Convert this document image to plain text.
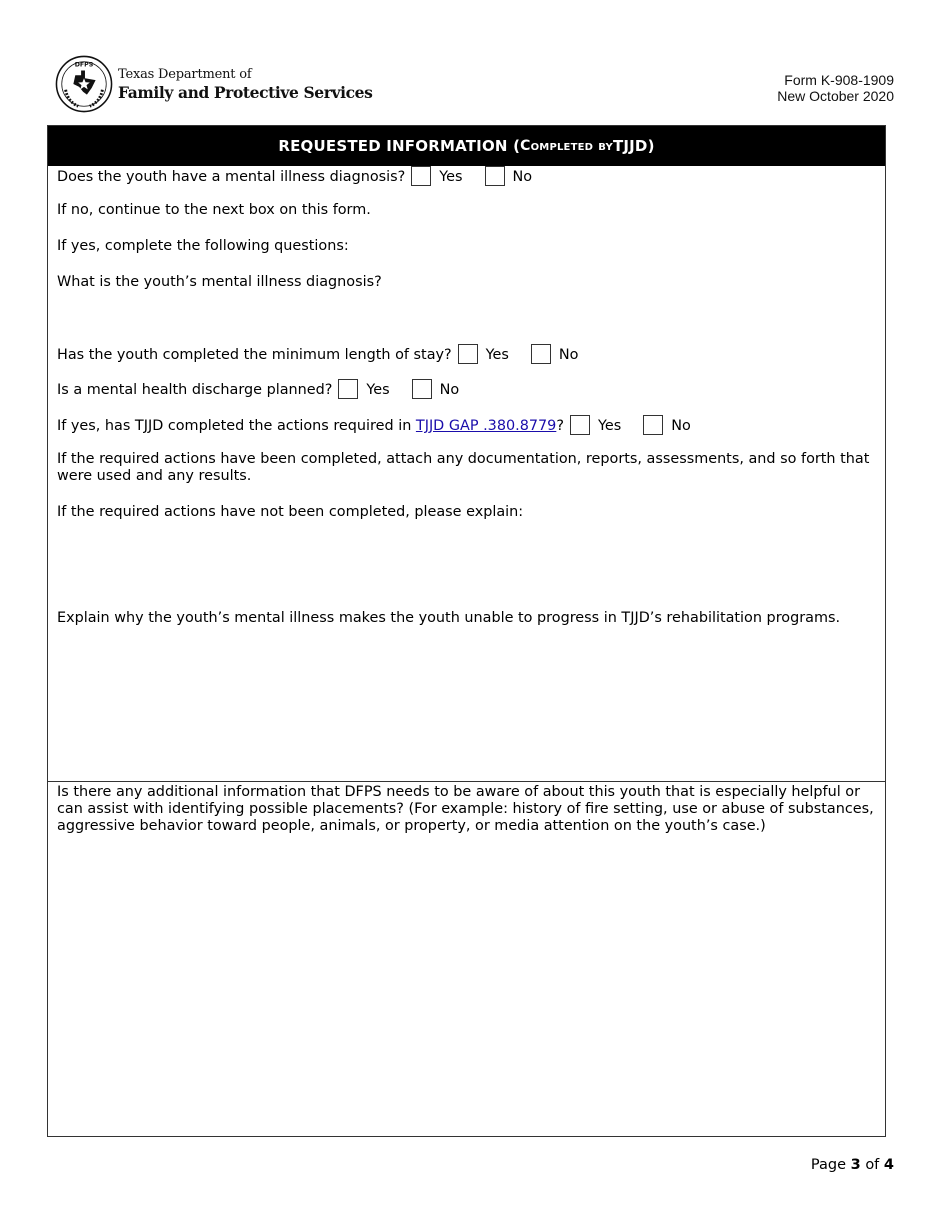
DFPS
Texas Department of
Family and Protective Services
Form K-908-1909
New October 2020
REQUESTED INFORMATION ( Completed by TJJD)
Does the youth have a mental illness diagnosis? Yes	No
If no, continue to the next box on this form.
If yes, complete the following questions:
What is the youth’s mental illness diagnosis?
Has the youth completed the minimum length of stay? Yes	No
Is a mental health discharge planned? Yes	No
If yes, has TJJD completed the actions required in TJJD GAP .380.8779? Yes	No
If the required actions have been completed, attach any documentation, reports, assessments, and so forth that were used and any results.
If the required actions have not been completed, please explain:
Explain why the youth’s mental illness makes the youth unable to progress in TJJD’s rehabilitation programs.
Is there any additional information that DFPS needs to be aware of about this youth that is especially helpful or can assist with identifying possible placements? (For example: history of fire setting, use or abuse of substances, aggressive behavior toward people, animals, or property, or media attention on the youth’s case.)
Page 3 of 4
